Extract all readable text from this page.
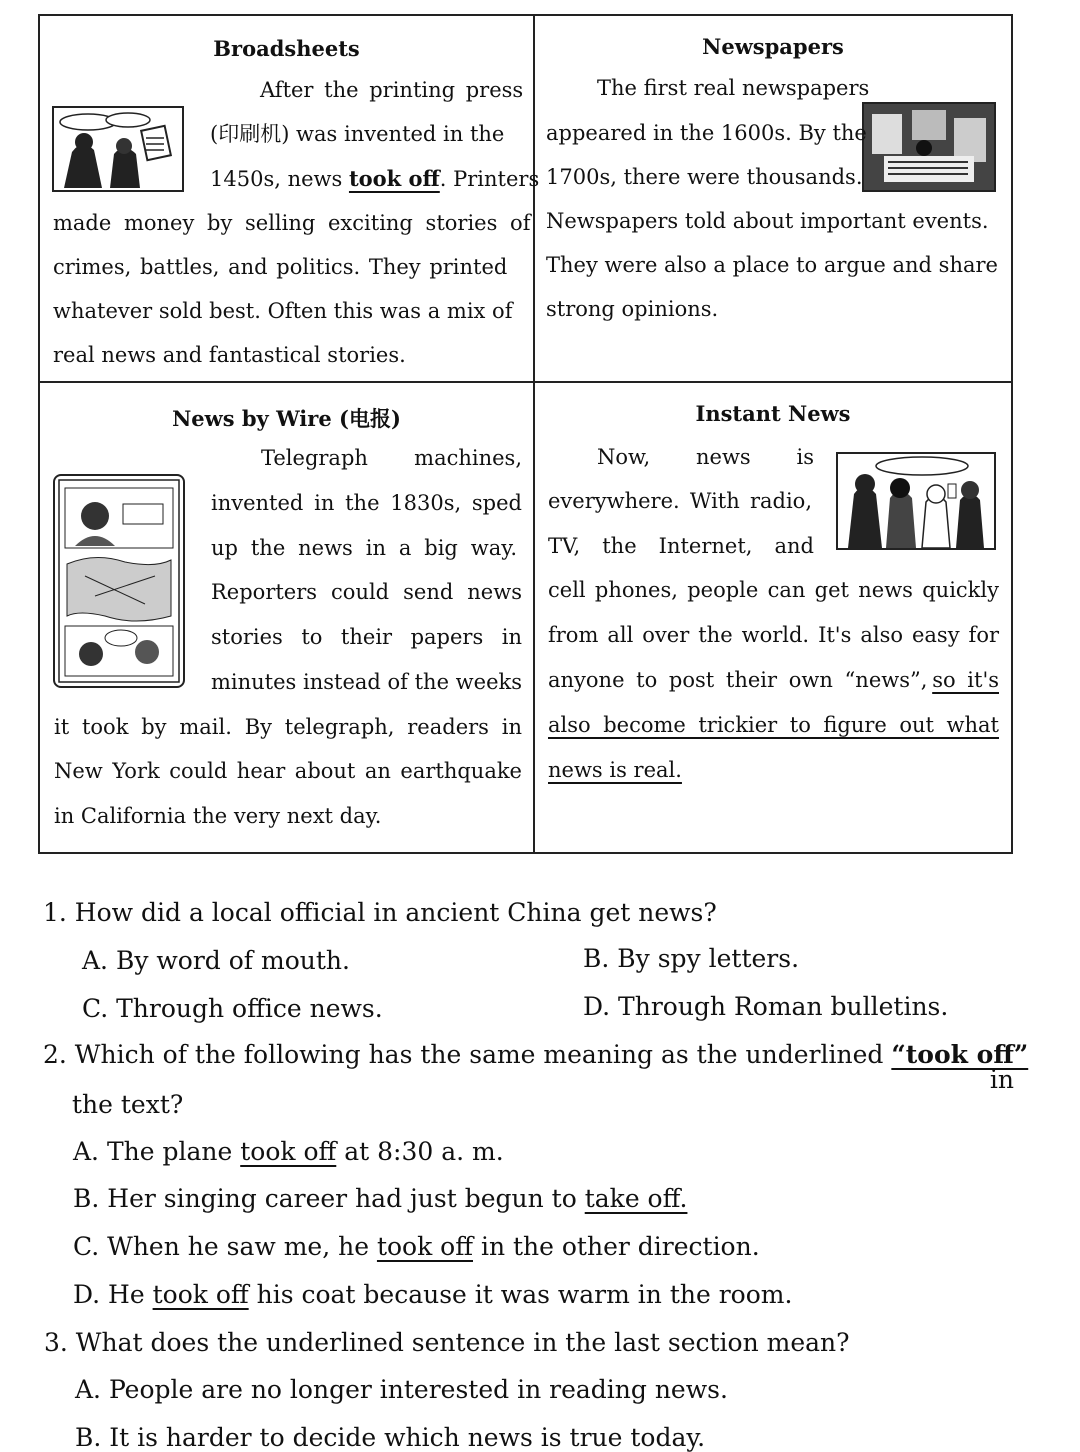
Broadsheets
After the printing press
(印刷机) was invented in the
1450s, news took off. Printers
made money by selling exciting stories of
crimes, battles, and politics. They printed
whatever sold best. Often this was a mix of
real news and fantastical stories.
Newspapers
The first real newspapers
appeared in the 1600s. By the
1700s, there were thousands.
Newspapers told about important events.
They were also a place to argue and share
strong opinions.
News by Wire (电报)
Telegraph machines,
invented in the 1830s, sped
up the news in a big way.
Reporters could send news
stories to their papers in
minutes instead of the weeks
it took by mail. By telegraph, readers in
New York could hear about an earthquake
in California the very next day.
Instant News
Now, news is
everywhere. With radio,
TV, the Internet, and
cell phones, people can get news quickly
from all over the world. It's also easy for
anyone to post their own “news”, so it's
also become trickier to figure out what
news is real.
1. How did a local official in ancient China get news?
A. By word of mouth.	B. By spy letters.
C. Through office news.	D. Through Roman bulletins.
2. Which of the following has the same meaning as the underlined “took off”
in
the text?
A. The plane took off at 8:30 a. m.
B. Her singing career had just begun to take off.
C. When he saw me, he took off in the other direction.
D. He took off his coat because it was warm in the room.
3. What does the underlined sentence in the last section mean?
A. People are no longer interested in reading news.
B. It is harder to decide which news is true today.
